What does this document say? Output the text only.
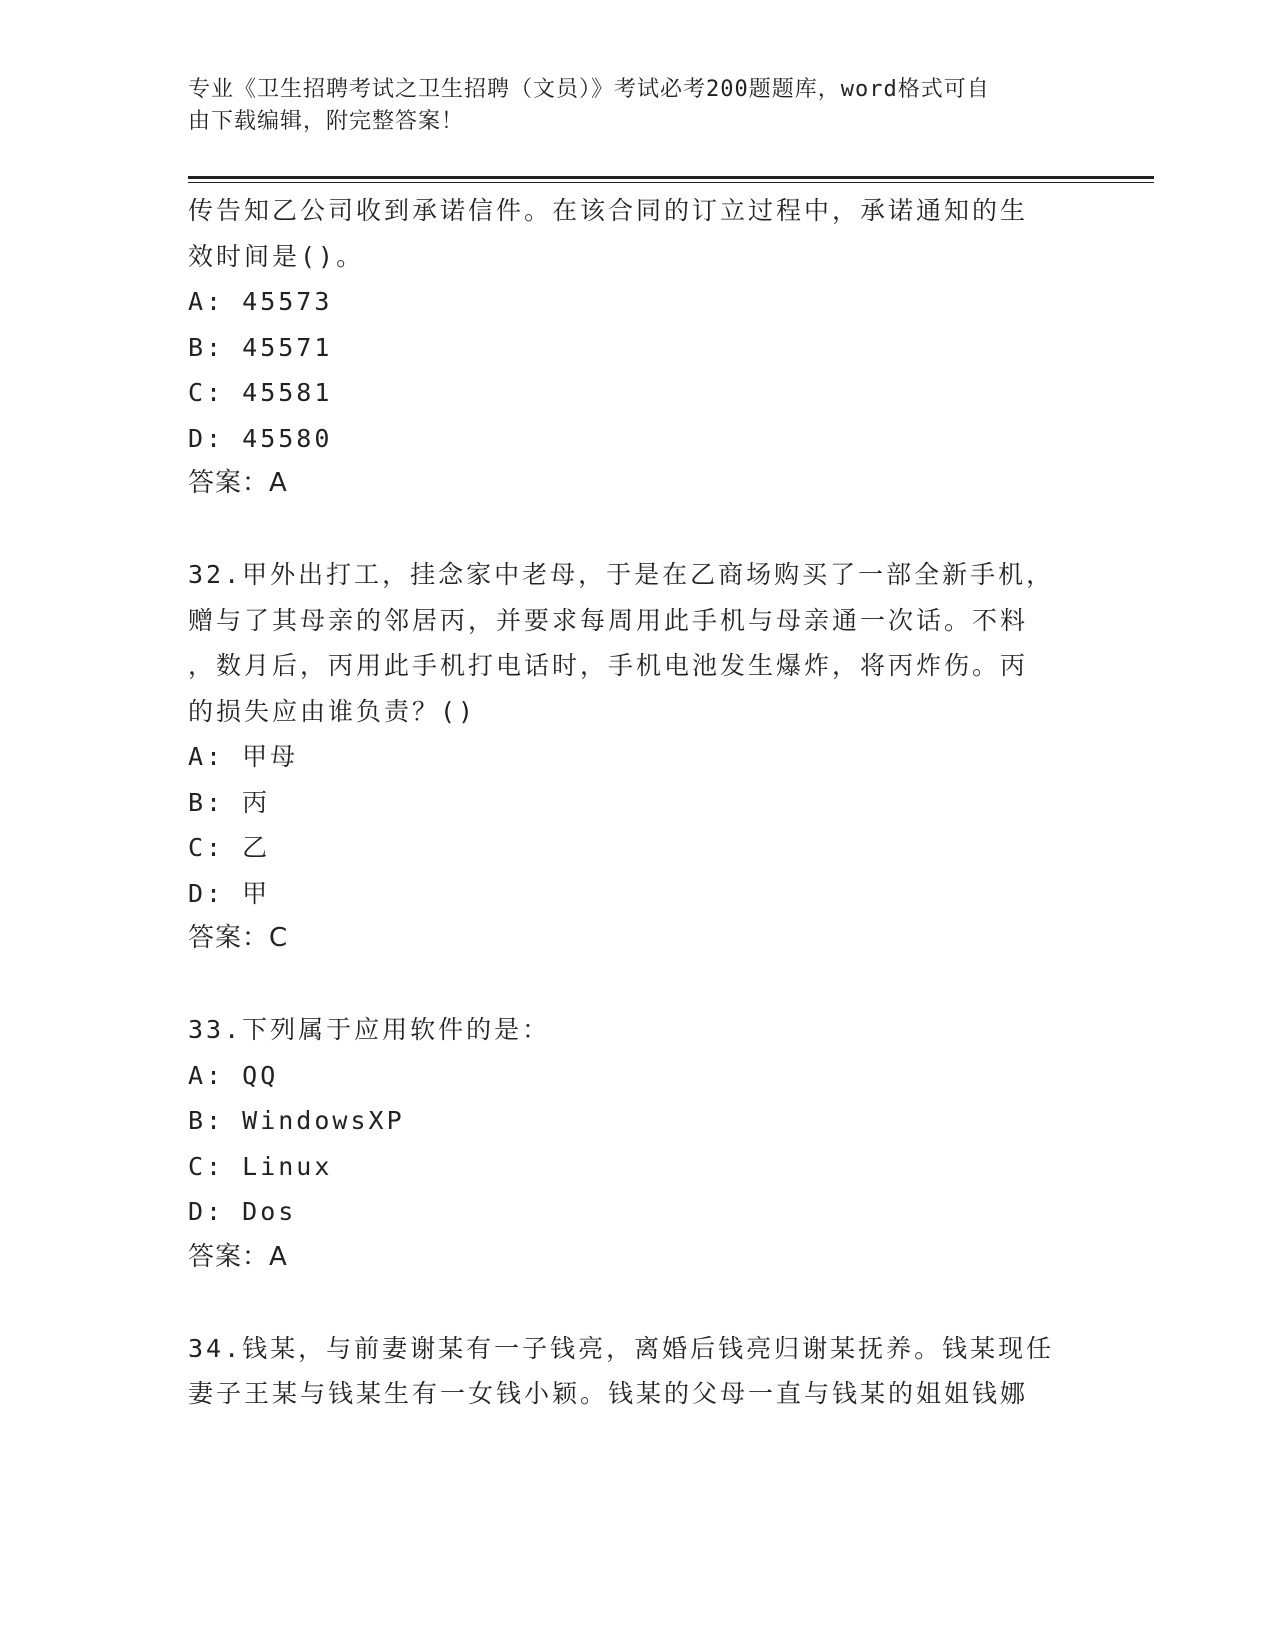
专业《卫生招聘考试之卫生招聘（文员）》考试必考200题题库，word格式可自
由下载编辑，附完整答案！
传告知乙公司收到承诺信件。在该合同的订立过程中，承诺通知的生
效时间是()。
A: 45573
B: 45571
C: 45581
D: 45580
答案：A
32.甲外出打工，挂念家中老母，于是在乙商场购买了一部全新手机，
赠与了其母亲的邻居丙，并要求每周用此手机与母亲通一次话。不料
，数月后，丙用此手机打电话时，手机电池发生爆炸，将丙炸伤。丙
的损失应由谁负责？()
A: 甲母
B: 丙
C: 乙
D: 甲
答案：C
33.下列属于应用软件的是：
A: QQ
B: WindowsXP
C: Linux
D: Dos
答案：A
34.钱某，与前妻谢某有一子钱亮，离婚后钱亮归谢某抚养。钱某现任
妻子王某与钱某生有一女钱小颖。钱某的父母一直与钱某的姐姐钱娜
